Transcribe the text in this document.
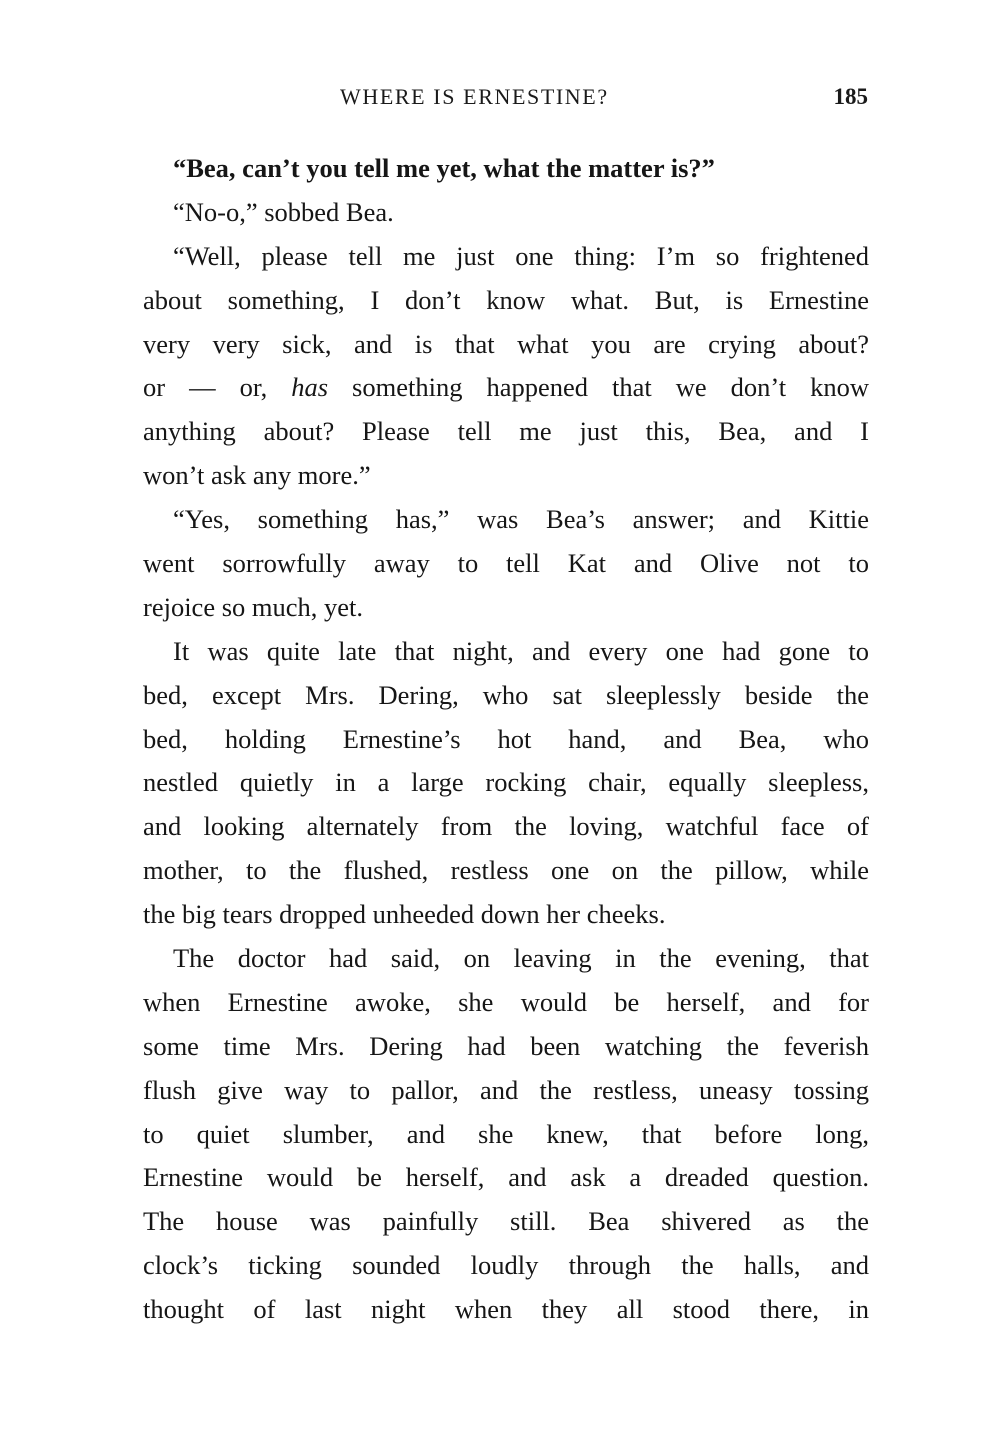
WHERE IS ERNESTINE?	185
“Bea, can’t you tell me yet, what the matter is?”
“No-o,” sobbed Bea.
“Well, please tell me just one thing: I’m so frightened
about something, I don’t know what. But, is Ernestine
very very sick, and is that what you are crying about?
or — or, has something happened that we don’t know
anything about? Please tell me just this, Bea, and I
won’t ask any more.”
“Yes, something has,” was Bea’s answer; and Kittie
went sorrowfully away to tell Kat and Olive not to
rejoice so much, yet.
It was quite late that night, and every one had gone to
bed, except Mrs. Dering, who sat sleeplessly beside the
bed, holding Ernestine’s hot hand, and Bea, who
nestled quietly in a large rocking chair, equally sleepless,
and looking alternately from the loving, watchful face of
mother, to the flushed, restless one on the pillow, while
the big tears dropped unheeded down her cheeks.
The doctor had said, on leaving in the evening, that
when Ernestine awoke, she would be herself, and for
some time Mrs. Dering had been watching the feverish
flush give way to pallor, and the restless, uneasy tossing
to quiet slumber, and she knew, that before long,
Ernestine would be herself, and ask a dreaded question.
The house was painfully still. Bea shivered as the
clock’s ticking sounded loudly through the halls, and
thought of last night when they all stood there, in
